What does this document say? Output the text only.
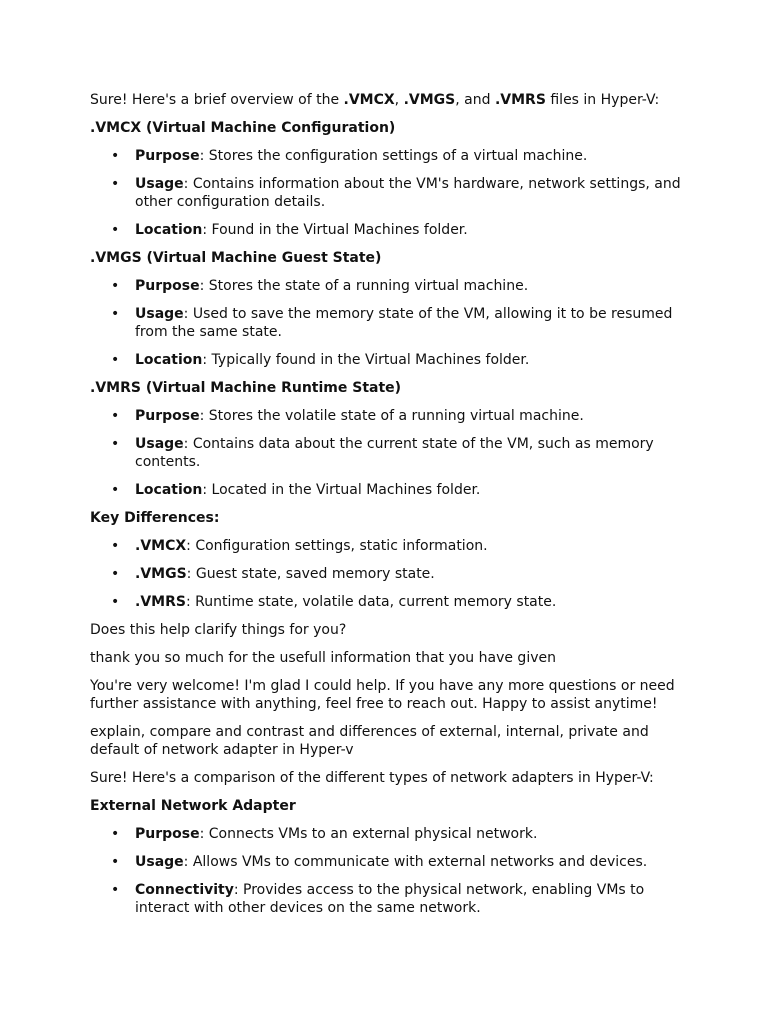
Sure! Here's a brief overview of the .VMCX, .VMGS, and .VMRS files in Hyper-V:

.VMCX (Virtual Machine Configuration)
• Purpose: Stores the configuration settings of a virtual machine.
• Usage: Contains information about the VM's hardware, network settings, and other configuration details.
• Location: Found in the Virtual Machines folder.
.VMGS (Virtual Machine Guest State)
• Purpose: Stores the state of a running virtual machine.
• Usage: Used to save the memory state of the VM, allowing it to be resumed from the same state.
• Location: Typically found in the Virtual Machines folder.
.VMRS (Virtual Machine Runtime State)
• Purpose: Stores the volatile state of a running virtual machine.
• Usage: Contains data about the current state of the VM, such as memory contents.
• Location: Located in the Virtual Machines folder.
Key Differences:
• .VMCX: Configuration settings, static information.
• .VMGS: Guest state, saved memory state.
• .VMRS: Runtime state, volatile data, current memory state.

Does this help clarify things for you?

thank you so much for the usefull information that you have given

You're very welcome! I'm glad I could help. If you have any more questions or need further assistance with anything, feel free to reach out. Happy to assist anytime!

explain, compare and contrast and differences of external, internal, private and default of network adapter in Hyper-v

Sure! Here's a comparison of the different types of network adapters in Hyper-V:

External Network Adapter
• Purpose: Connects VMs to an external physical network.
• Usage: Allows VMs to communicate with external networks and devices.
• Connectivity: Provides access to the physical network, enabling VMs to interact with other devices on the same network.
